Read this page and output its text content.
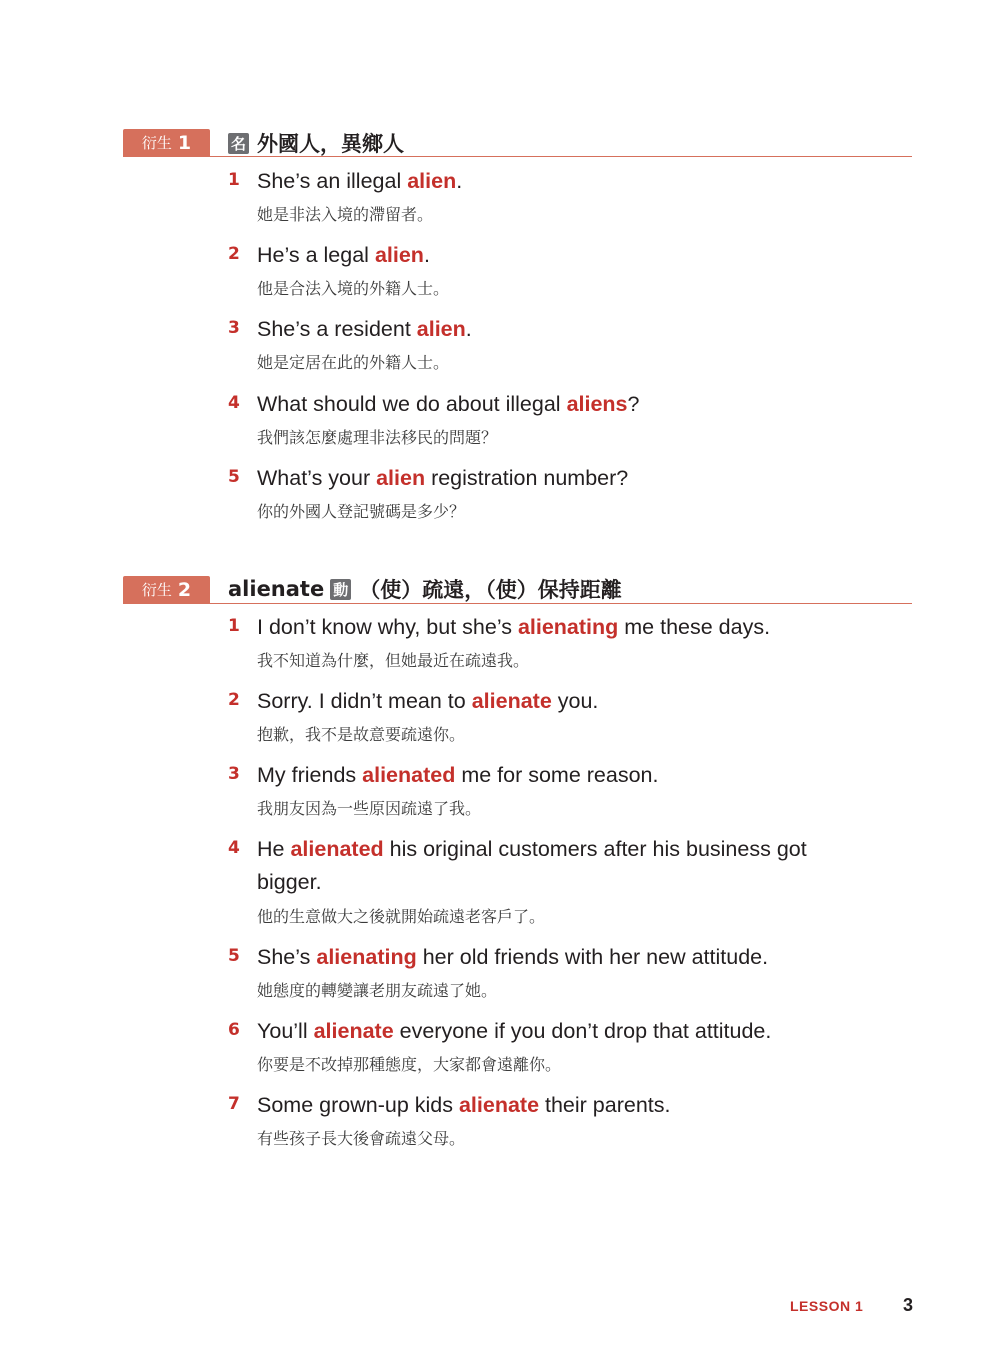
衍生 1	名 外國人，異鄉人
1 She’s an illegal alien.
她是非法入境的滯留者。
2 He’s a legal alien.
他是合法入境的外籍人士。
3 She’s a resident alien.
她是定居在此的外籍人士。
4 What should we do about illegal aliens?
我們該怎麼處理非法移民的問題？
5 What’s your alien registration number?
你的外國人登記號碼是多少？
衍生 2 alienate 動 （使）疏遠，（使）保持距離
1 I don’t know why, but she’s alienating me these days.
我不知道為什麼，但她最近在疏遠我。
2 Sorry. I didn’t mean to alienate you.
抱歉，我不是故意要疏遠你。
3 My friends alienated me for some reason.
我朋友因為一些原因疏遠了我。
4 He alienated his original customers after his business got bigger.
他的生意做大之後就開始疏遠老客戶了。
5 She’s alienating her old friends with her new attitude.
她態度的轉變讓老朋友疏遠了她。
6 You’ll alienate everyone if you don’t drop that attitude.
你要是不改掉那種態度，大家都會遠離你。
7 Some grown-up kids alienate their parents.
有些孩子長大後會疏遠父母。
LESSON 1 3
